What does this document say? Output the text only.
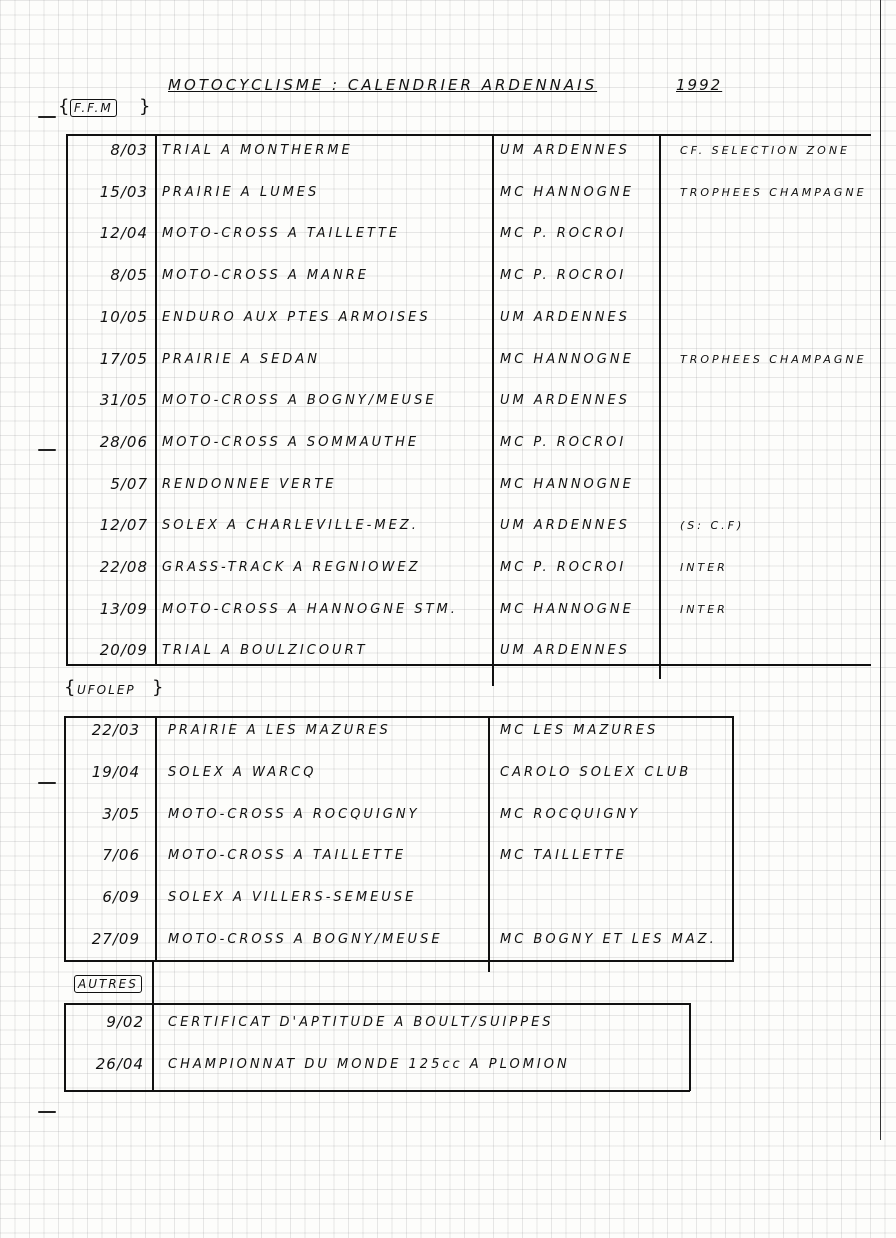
MOTOCYCLISME : CALENDRIER ARDENNAIS	1992
{ F.F.M }
{ UFOLEP }
AUTRES
8/03 TRIAL A MONTHERME	UM ARDENNES	CF. SELECTION ZONE
15/03 PRAIRIE A LUMES	MC HANNOGNE	TROPHEES CHAMPAGNE
12/04 MOTO-CROSS A TAILLETTE	MC P. ROCROI
8/05 MOTO-CROSS A MANRE	MC P. ROCROI
10/05 ENDURO AUX PTES ARMOISES	UM ARDENNES
17/05 PRAIRIE A SEDAN	MC HANNOGNE	TROPHEES CHAMPAGNE
31/05 MOTO-CROSS A BOGNY/MEUSE	UM ARDENNES
28/06 MOTO-CROSS A SOMMAUTHE	MC P. ROCROI
5/07 RENDONNEE VERTE	MC HANNOGNE
12/07 SOLEX A CHARLEVILLE-MEZ.	UM ARDENNES	(S: C.F)
22/08 GRASS-TRACK A REGNIOWEZ	MC P. ROCROI	INTER
13/09 MOTO-CROSS A HANNOGNE STM.	MC HANNOGNE	INTER
20/09 TRIAL A BOULZICOURT	UM ARDENNES
22/03 PRAIRIE A LES MAZURES	MC LES MAZURES
19/04 SOLEX A WARCQ	CAROLO SOLEX CLUB
3/05 MOTO-CROSS A ROCQUIGNY	MC ROCQUIGNY
7/06 MOTO-CROSS A TAILLETTE	MC TAILLETTE
6/09 SOLEX A VILLERS-SEMEUSE
27/09 MOTO-CROSS A BOGNY/MEUSE	MC BOGNY ET LES MAZ.
9/02 CERTIFICAT D'APTITUDE A BOULT/SUIPPES
26/04 CHAMPIONNAT DU MONDE 125cc A PLOMION
